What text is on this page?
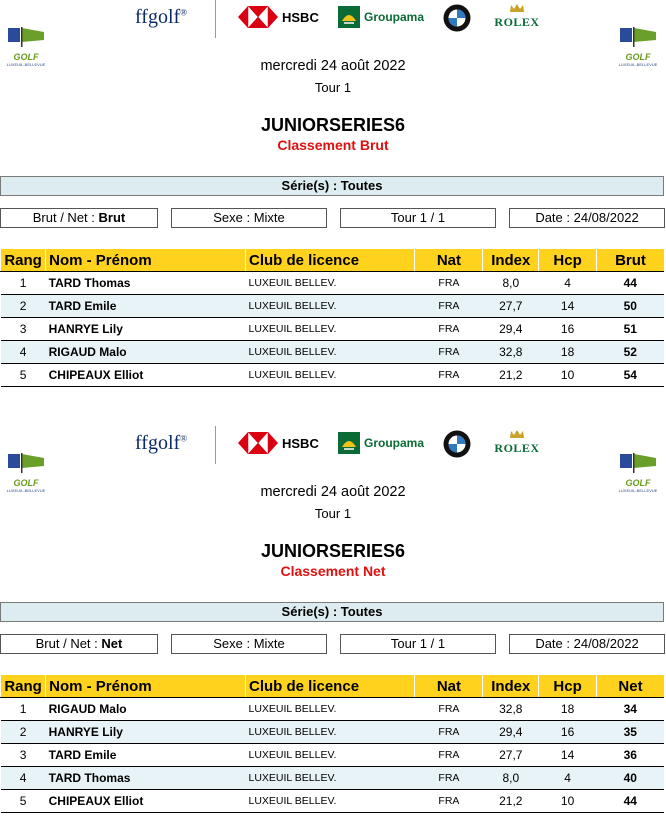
GOLF
LUXEUIL-BELLEVUE
GOLF
LUXEUIL-BELLEVUE
ffgolf®	HSBC	Groupama	ROLEX
mercredi 24 août 2022
Tour 1
JUNIORSERIES6
Classement Brut
Série(s) : Toutes
Brut / Net : Brut	Sexe : Mixte	Tour 1 / 1	Date : 24/08/2022
Rang	Nom - Prénom	Club de licence	Nat	Index	Hcp	Brut
1	TARD Thomas	LUXEUIL BELLEV.	FRA	8,0	4	44
2	TARD Emile	LUXEUIL BELLEV.	FRA	27,7	14	50
3	HANRYE Lily	LUXEUIL BELLEV.	FRA	29,4	16	51
4	RIGAUD Malo	LUXEUIL BELLEV.	FRA	32,8	18	52
5	CHIPEAUX Elliot	LUXEUIL BELLEV.	FRA	21,2	10	54
GOLF
LUXEUIL-BELLEVUE
GOLF
LUXEUIL-BELLEVUE
ffgolf®	HSBC	Groupama	ROLEX
mercredi 24 août 2022
Tour 1
JUNIORSERIES6
Classement Net
Série(s) : Toutes
Brut / Net : Net	Sexe : Mixte	Tour 1 / 1	Date : 24/08/2022
Rang	Nom - Prénom	Club de licence	Nat	Index	Hcp	Net
1	RIGAUD Malo	LUXEUIL BELLEV.	FRA	32,8	18	34
2	HANRYE Lily	LUXEUIL BELLEV.	FRA	29,4	16	35
3	TARD Emile	LUXEUIL BELLEV.	FRA	27,7	14	36
4	TARD Thomas	LUXEUIL BELLEV.	FRA	8,0	4	40
5	CHIPEAUX Elliot	LUXEUIL BELLEV.	FRA	21,2	10	44
